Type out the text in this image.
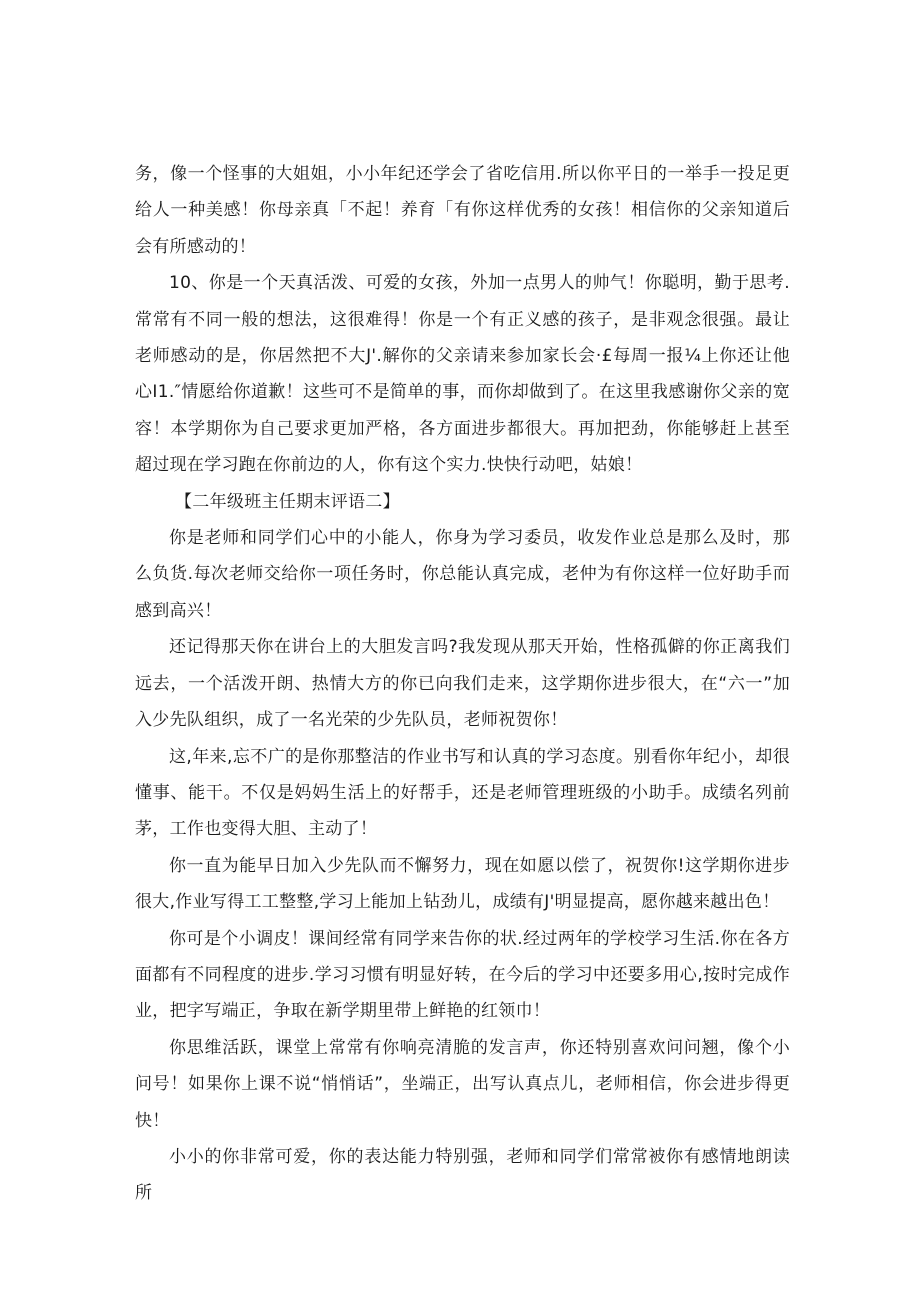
务，像一个怪事的大姐姐，小小年纪还学会了省吃信用.所以你平日的一举手一投足更给人一种美感！你母亲真「不起！养育「有你这样优秀的女孩！相信你的父亲知道后会有所感动的！

10、你是一个天真活泼、可爱的女孩，外加一点男人的帅气！你聪明，勤于思考.常常有不同一般的想法，这很难得！你是一个有正义感的孩子，是非观念很强。最让老师感动的是，你居然把不大J'.解你的父亲请来参加家长会·£每周一报¼上你还让他心I1.″情愿给你道歉！这些可不是简单的事，而你却做到了。在这里我感谢你父亲的宽容！本学期你为自己要求更加严格，各方面进步都很大。再加把劲，你能够赶上甚至超过现在学习跑在你前边的人，你有这个实力.快快行动吧，姑娘！

【二年级班主任期末评语二】

你是老师和同学们心中的小能人，你身为学习委员，收发作业总是那么及时，那么负货.每次老师交给你一项任务时，你总能认真完成，老仲为有你这样一位好助手而感到高兴！

还记得那天你在讲台上的大胆发言吗?我发现从那天开始，性格孤僻的你正离我们远去，一个活泼开朗、热情大方的你已向我们走来，这学期你进步很大，在“六一”加入少先队组织，成了一名光荣的少先队员，老师祝贺你！

这,年来,忘不广的是你那整洁的作业书写和认真的学习态度。别看你年纪小，却很懂事、能干。不仅是妈妈生活上的好帮手，还是老师管理班级的小助手。成绩名列前茅，工作也变得大胆、主动了！

你一直为能早日加入少先队而不懈努力，现在如愿以偿了，祝贺你!这学期你进步很大,作业写得工工整整,学习上能加上钻劲儿，成绩有J'明显提高，愿你越来越出色！

你可是个小调皮！课间经常有同学来告你的状.经过两年的学校学习生活.你在各方面都有不同程度的进步.学习习惯有明显好转，在今后的学习中还要多用心,按时完成作业，把字写端正，争取在新学期里带上鲜艳的红领巾！

你思维活跃，课堂上常常有你响亮清脆的发言声，你还特别喜欢问问翘，像个小问号！如果你上课不说“悄悄话”，坐端正，出写认真点儿，老师相信，你会进步得更快！

小小的你非常可爱，你的表达能力特别强，老师和同学们常常被你有感情地朗读所
